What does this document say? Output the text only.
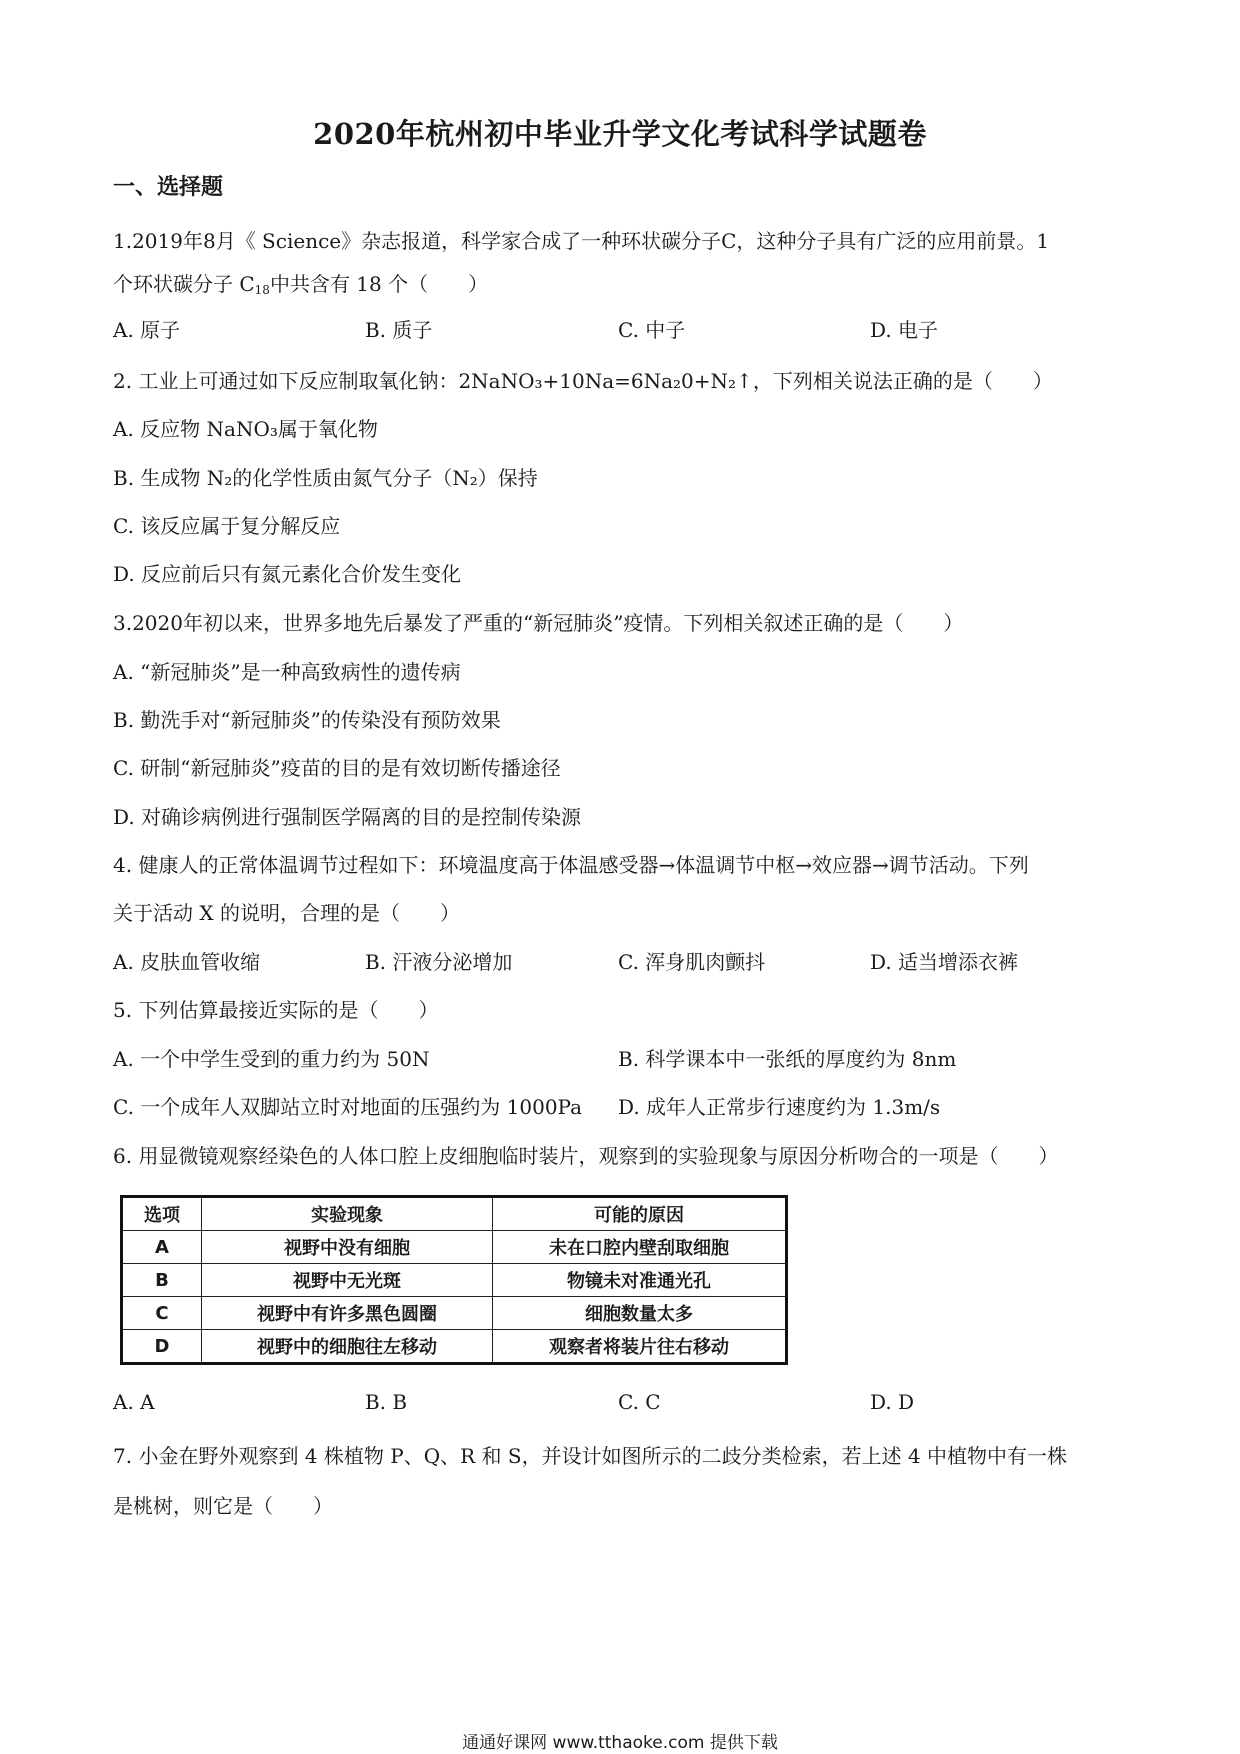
2020年杭州初中毕业升学文化考试科学试题卷
一、选择题
1.2019年8月《 Science》杂志报道，科学家合成了一种环状碳分子C，这种分子具有广泛的应用前景。1
个环状碳分子 $C_{18}$中共含有 18 个（　　）
A. 原子	B. 质子	C. 中子	D. 电子
2. 工业上可通过如下反应制取氧化钠：2NaNO₃+10Na=6Na₂0+N₂↑，下列相关说法正确的是（　　）
A. 反应物 NaNO₃属于氧化物
B. 生成物 N₂的化学性质由氮气分子（N₂）保持
C. 该反应属于复分解反应
D. 反应前后只有氮元素化合价发生变化
3.2020年初以来，世界多地先后暴发了严重的“新冠肺炎”疫情。下列相关叙述正确的是（　　）
A. “新冠肺炎”是一种高致病性的遗传病
B. 勤洗手对“新冠肺炎”的传染没有预防效果
C. 研制“新冠肺炎”疫苗的目的是有效切断传播途径
D. 对确诊病例进行强制医学隔离的目的是控制传染源
4. 健康人的正常体温调节过程如下：环境温度高于体温感受器→体温调节中枢→效应器→调节活动。下列
关于活动 X 的说明，合理的是（　　）
A. 皮肤血管收缩	B. 汗液分泌增加	C. 浑身肌肉颤抖	D. 适当增添衣裤
5. 下列估算最接近实际的是（　　）
A. 一个中学生受到的重力约为 50N	B. 科学课本中一张纸的厚度约为 8nm
C. 一个成年人双脚站立时对地面的压强约为 1000Pa D. 成年人正常步行速度约为 1.3m/s
6. 用显微镜观察经染色的人体口腔上皮细胞临时装片，观察到的实验现象与原因分析吻合的一项是（　　）
选项	实验现象	可能的原因
A	视野中没有细胞	未在口腔内壁刮取细胞
B	视野中无光斑	物镜未对准通光孔
C	视野中有许多黑色圆圈	细胞数量太多
D	视野中的细胞往左移动	观察者将装片往右移动
A. A	B. B	C. C	D. D
7. 小金在野外观察到 4 株植物 P、Q、R 和 S，并设计如图所示的二歧分类检索，若上述 4 中植物中有一株
是桃树，则它是（　　）
通通好课网 www.tthaoke.com 提供下载
